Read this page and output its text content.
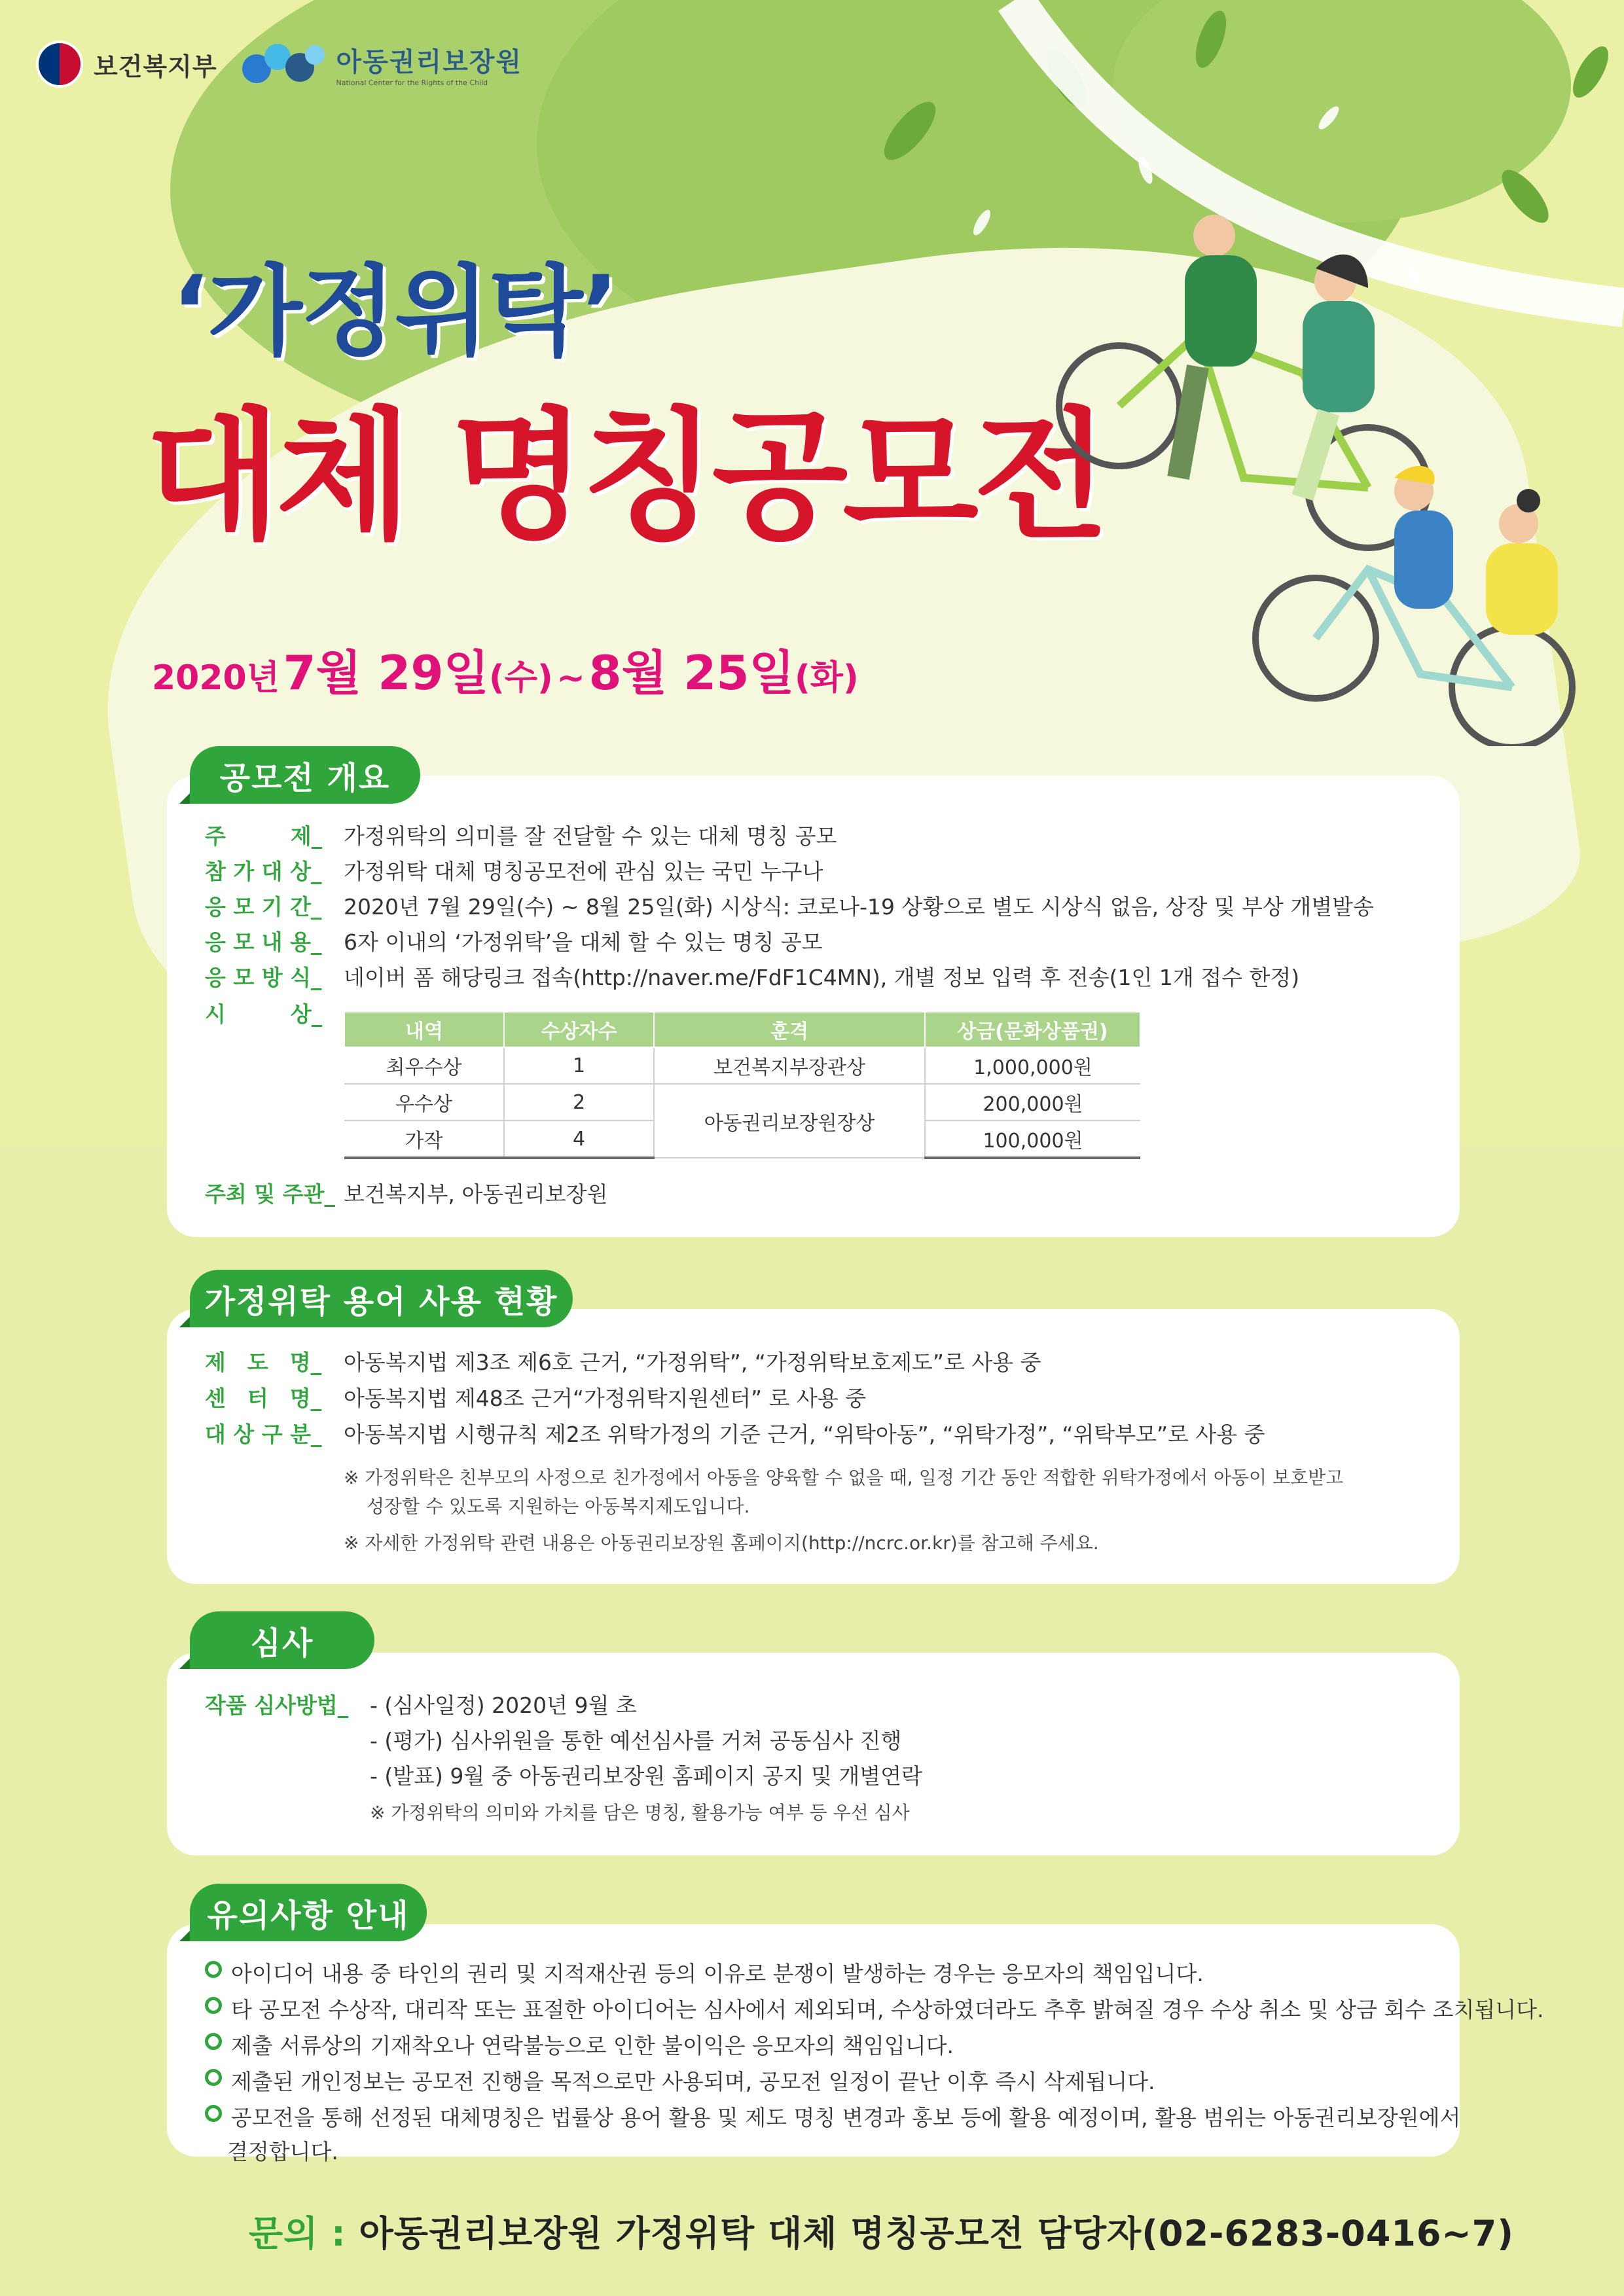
보건복지부	아동권리보장원
National Center for the Rights of the Child
‘가정위탁’
대체 명칭공모전
2020년 7월 29일(수) ~ 8월 25일(화)
공모전 개요
주　　　제_ 가정위탁의 의미를 잘 전달할 수 있는 대체 명칭 공모
참 가 대 상_	가정위탁 대체 명칭공모전에 관심 있는 국민 누구나
응 모 기 간_	2020년 7월 29일(수) ~ 8월 25일(화) 시상식: 코로나-19 상황으로 별도 시상식 없음, 상장 및 부상 개별발송
응 모 내 용_	6자 이내의 ‘가정위탁’을 대체 할 수 있는 명칭 공모
응 모 방 식_	네이버 폼 해당링크 접속(http://naver.me/FdF1C4MN), 개별 정보 입력 후 전송(1인 1개 접수 한정)
시　　　상_
내역	수상자수	훈격	상금(문화상품권)
최우수상	1	보건복지부장관상	1,000,000원
우수상	2	아동권리보장원장상	200,000원
가작	4		100,000원
주최 및 주관_ 보건복지부, 아동권리보장원
가정위탁 용어 사용 현황
제　도　명_	아동복지법 제3조 제6호 근거, “가정위탁”, “가정위탁보호제도”로 사용 중
센　터　명_	아동복지법 제48조 근거“가정위탁지원센터” 로 사용 중
대 상 구 분_	아동복지법 시행규칙 제2조 위탁가정의 기준 근거, “위탁아동”, “위탁가정”, “위탁부모”로 사용 중
※ 가정위탁은 친부모의 사정으로 친가정에서 아동을 양육할 수 없을 때, 일정 기간 동안 적합한 위탁가정에서 아동이 보호받고
성장할 수 있도록 지원하는 아동복지제도입니다.
※ 자세한 가정위탁 관련 내용은 아동권리보장원 홈페이지(http://ncrc.or.kr)를 참고해 주세요.
심사
작품 심사방법_ - (심사일정) 2020년 9월 초
- (평가) 심사위원을 통한 예선심사를 거쳐 공동심사 진행
- (발표) 9월 중 아동권리보장원 홈페이지 공지 및 개별연락
※ 가정위탁의 의미와 가치를 담은 명칭, 활용가능 여부 등 우선 심사
유의사항 안내
아이디어 내용 중 타인의 권리 및 지적재산권 등의 이유로 분쟁이 발생하는 경우는 응모자의 책임입니다.
타 공모전 수상작, 대리작 또는 표절한 아이디어는 심사에서 제외되며, 수상하였더라도 추후 밝혀질 경우 수상 취소 및 상금 회수 조치됩니다.
제출 서류상의 기재착오나 연락불능으로 인한 불이익은 응모자의 책임입니다.
제출된 개인정보는 공모전 진행을 목적으로만 사용되며, 공모전 일정이 끝난 이후 즉시 삭제됩니다.
공모전을 통해 선정된 대체명칭은 법률상 용어 활용 및 제도 명칭 변경과 홍보 등에 활용 예정이며, 활용 범위는 아동권리보장원에서
결정합니다.
문의 : 아동권리보장원 가정위탁 대체 명칭공모전 담당자(02-6283-0416~7)
